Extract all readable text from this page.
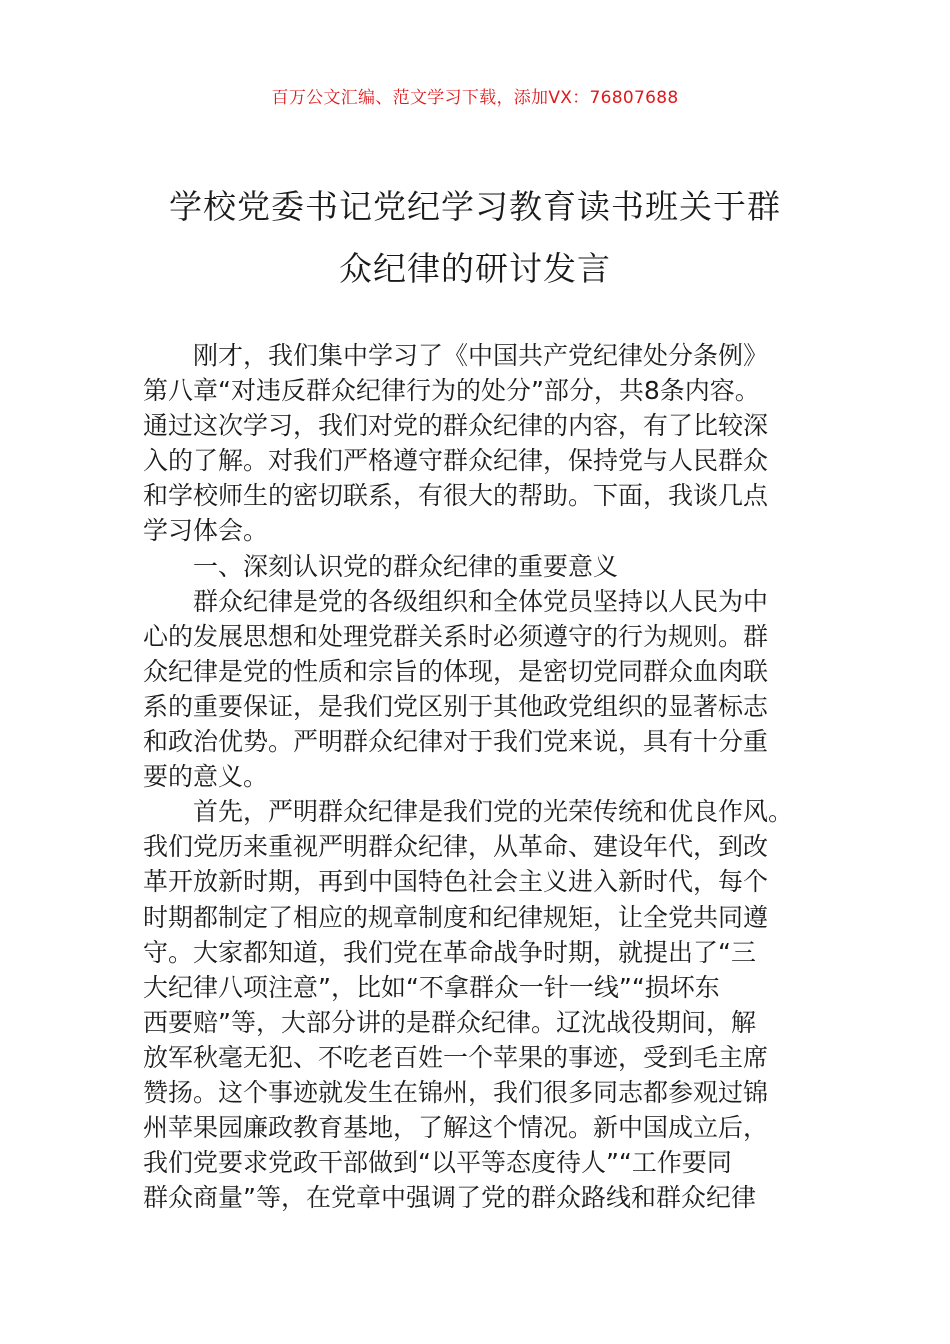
百万公文汇编、范文学习下载，添加VX：76807688
学校党委书记党纪学习教育读书班关于群
众纪律的研讨发言
刚才，我们集中学习了《中国共产党纪律处分条例》
第八章“对违反群众纪律行为的处分”部分，共8条内容。
通过这次学习，我们对党的群众纪律的内容，有了比较深
入的了解。对我们严格遵守群众纪律，保持党与人民群众
和学校师生的密切联系，有很大的帮助。下面，我谈几点
学习体会。
一、深刻认识党的群众纪律的重要意义
群众纪律是党的各级组织和全体党员坚持以人民为中
心的发展思想和处理党群关系时必须遵守的行为规则。群
众纪律是党的性质和宗旨的体现，是密切党同群众血肉联
系的重要保证，是我们党区别于其他政党组织的显著标志
和政治优势。严明群众纪律对于我们党来说，具有十分重
要的意义。
首先，严明群众纪律是我们党的光荣传统和优良作风。
我们党历来重视严明群众纪律，从革命、建设年代，到改
革开放新时期，再到中国特色社会主义进入新时代，每个
时期都制定了相应的规章制度和纪律规矩，让全党共同遵
守。大家都知道，我们党在革命战争时期，就提出了“三
大纪律八项注意”，比如“不拿群众一针一线”“损坏东
西要赔”等，大部分讲的是群众纪律。辽沈战役期间，解
放军秋毫无犯、不吃老百姓一个苹果的事迹，受到毛主席
赞扬。这个事迹就发生在锦州，我们很多同志都参观过锦
州苹果园廉政教育基地，了解这个情况。新中国成立后，
我们党要求党政干部做到“以平等态度待人”“工作要同
群众商量”等，在党章中强调了党的群众路线和群众纪律
